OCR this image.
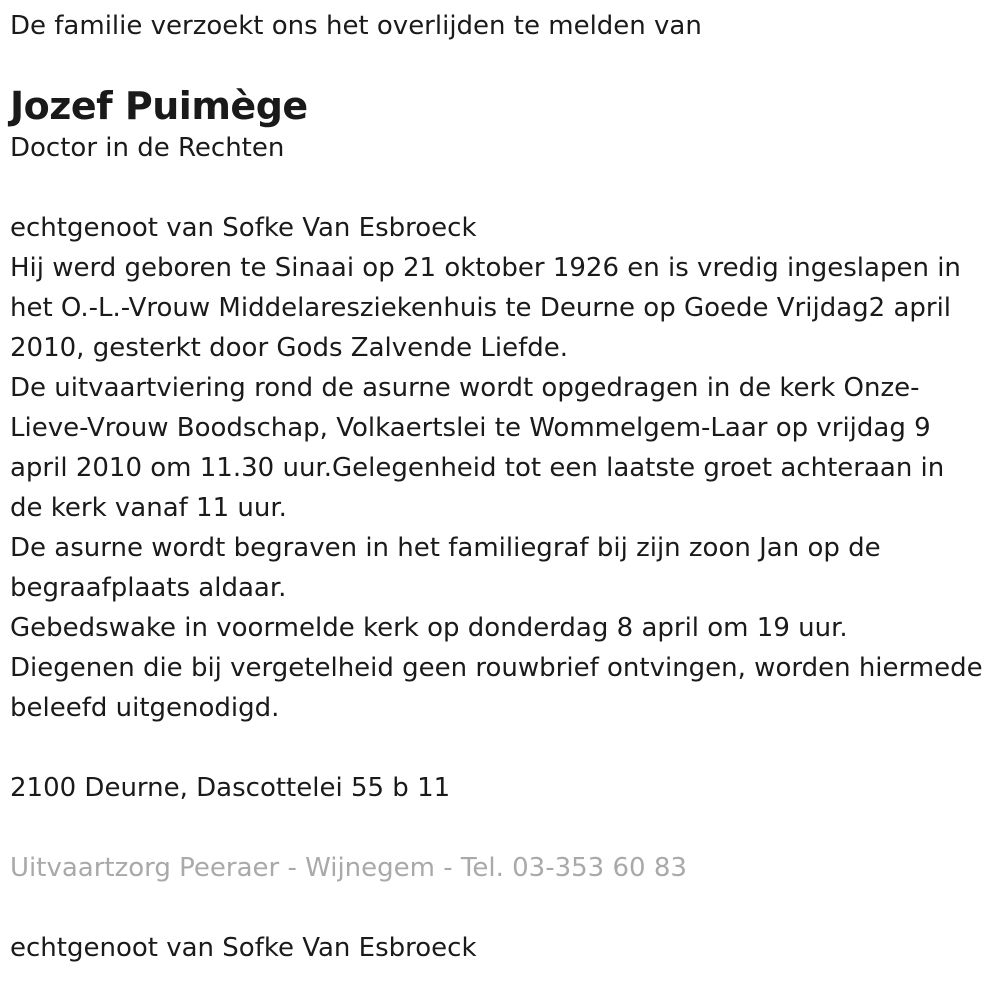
De familie verzoekt ons het overlijden te melden van

Jozef Puimège

Doctor in de Rechten

echtgenoot van Sofke Van Esbroeck

Hij werd geboren te Sinaai op 21 oktober 1926 en is vredig ingeslapen in het O.-L.-Vrouw Middelaresziekenhuis te Deurne op Goede Vrijdag2 april 2010, gesterkt door Gods Zalvende Liefde.

De uitvaartviering rond de asurne wordt opgedragen in de kerk Onze-Lieve-Vrouw Boodschap, Volkaertslei te Wommelgem-Laar op vrijdag 9 april 2010 om 11.30 uur.Gelegenheid tot een laatste groet achteraan in de kerk vanaf 11 uur.

De asurne wordt begraven in het familiegraf bij zijn zoon Jan op de begraafplaats aldaar.

Gebedswake in voormelde kerk op donderdag 8 april om 19 uur.

Diegenen die bij vergetelheid geen rouwbrief ontvingen, worden hiermede beleefd uitgenodigd.

2100 Deurne, Dascottelei 55 b 11

Uitvaartzorg Peeraer - Wijnegem - Tel. 03-353 60 83

echtgenoot van Sofke Van Esbroeck
